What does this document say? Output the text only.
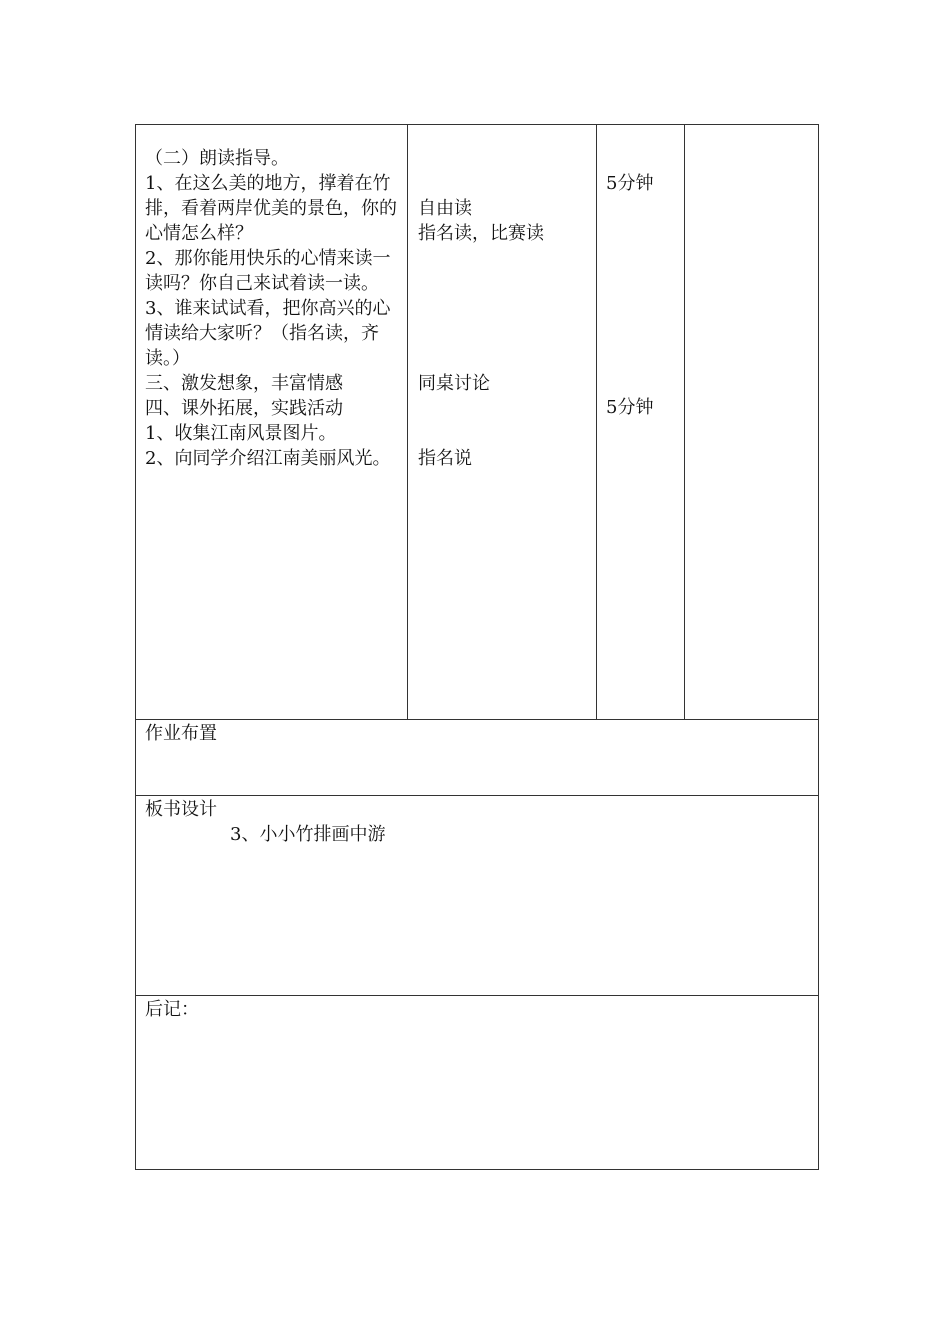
（二）朗读指导。
1、在这么美的地方，撑着在竹
排，看着两岸优美的景色，你的
心情怎么样？
2、那你能用快乐的心情来读一
读吗？你自己来试着读一读。
3、谁来试试看，把你高兴的心
情读给大家听？（指名读，齐
读。）
三、激发想象，丰富情感
四、课外拓展，实践活动
1、收集江南风景图片。
2、向同学介绍江南美丽风光。
自由读
指名读，比赛读
同桌讨论
指名说
5分钟
5分钟
作业布置
板书设计
3、小小竹排画中游
后记：
